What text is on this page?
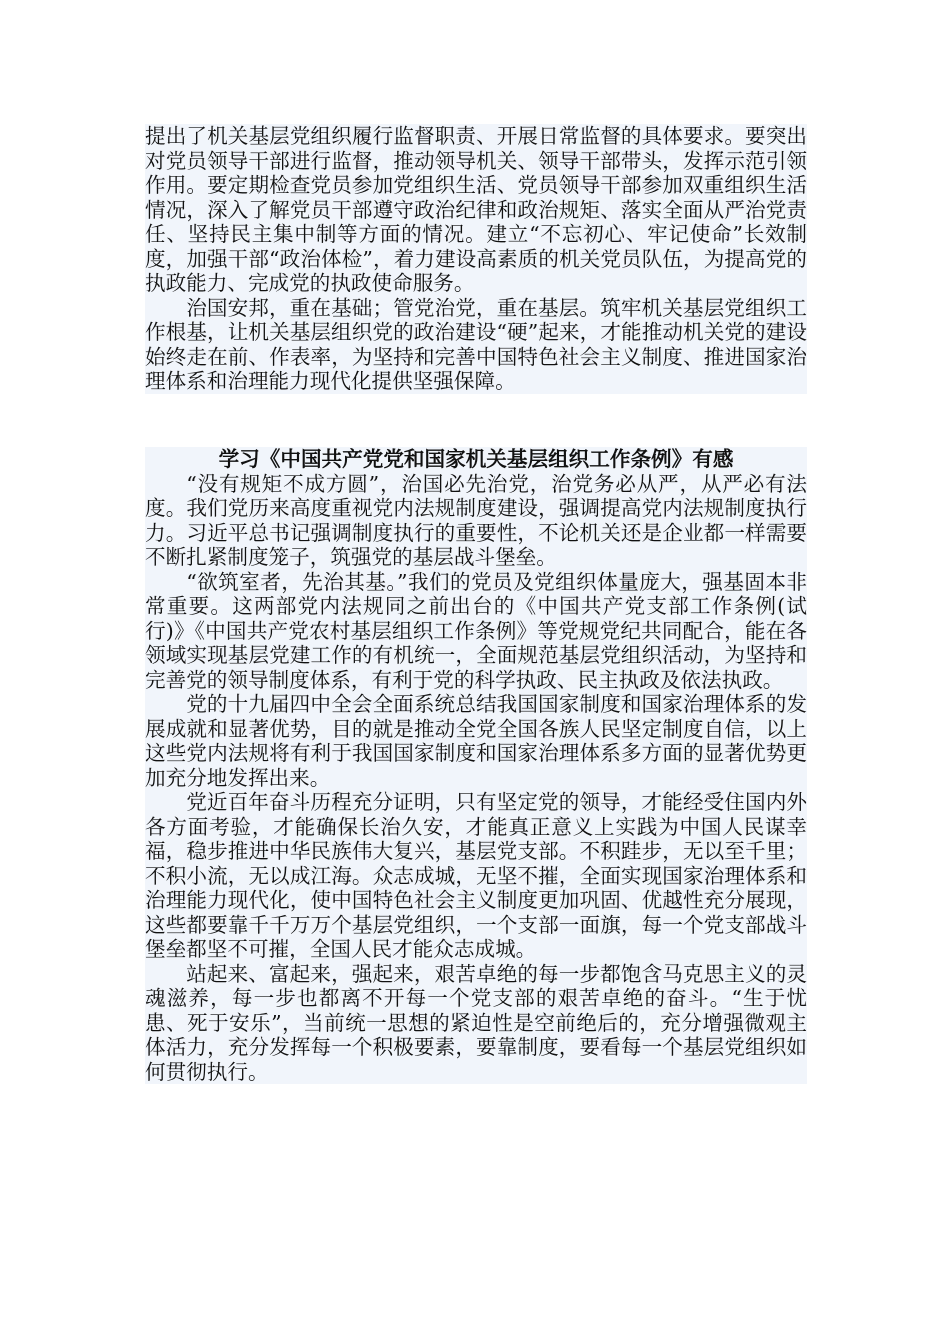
提出了机关基层党组织履行监督职责、开展日常监督的具体要求。要突出对党员领导干部进行监督，推动领导机关、领导干部带头，发挥示范引领作用。要定期检查党员参加党组织生活、党员领导干部参加双重组织生活情况，深入了解党员干部遵守政治纪律和政治规矩、落实全面从严治党责任、坚持民主集中制等方面的情况。建立“不忘初心、牢记使命”长效制度，加强干部“政治体检”，着力建设高素质的机关党员队伍，为提高党的执政能力、完成党的执政使命服务。

治国安邦，重在基础；管党治党，重在基层。筑牢机关基层党组织工作根基，让机关基层组织党的政治建设“硬”起来，才能推动机关党的建设始终走在前、作表率，为坚持和完善中国特色社会主义制度、推进国家治理体系和治理能力现代化提供坚强保障。

学习《中国共产党党和国家机关基层组织工作条例》有感

“没有规矩不成方圆”，治国必先治党，治党务必从严，从严必有法度。我们党历来高度重视党内法规制度建设，强调提高党内法规制度执行力。习近平总书记强调制度执行的重要性，不论机关还是企业都一样需要不断扎紧制度笼子，筑强党的基层战斗堡垒。

“欲筑室者，先治其基。”我们的党员及党组织体量庞大，强基固本非常重要。这两部党内法规同之前出台的《中国共产党支部工作条例(试行)》《中国共产党农村基层组织工作条例》等党规党纪共同配合，能在各领域实现基层党建工作的有机统一，全面规范基层党组织活动，为坚持和完善党的领导制度体系，有利于党的科学执政、民主执政及依法执政。

党的十九届四中全会全面系统总结我国国家制度和国家治理体系的发展成就和显著优势，目的就是推动全党全国各族人民坚定制度自信，以上这些党内法规将有利于我国国家制度和国家治理体系多方面的显著优势更加充分地发挥出来。

党近百年奋斗历程充分证明，只有坚定党的领导，才能经受住国内外各方面考验，才能确保长治久安，才能真正意义上实践为中国人民谋幸福，稳步推进中华民族伟大复兴，基层党支部。不积跬步，无以至千里；不积小流，无以成江海。众志成城，无坚不摧，全面实现国家治理体系和治理能力现代化，使中国特色社会主义制度更加巩固、优越性充分展现，这些都要靠千千万万个基层党组织，一个支部一面旗，每一个党支部战斗堡垒都坚不可摧，全国人民才能众志成城。

站起来、富起来，强起来，艰苦卓绝的每一步都饱含马克思主义的灵魂滋养，每一步也都离不开每一个党支部的艰苦卓绝的奋斗。“生于忧患、死于安乐”，当前统一思想的紧迫性是空前绝后的，充分增强微观主体活力，充分发挥每一个积极要素，要靠制度，要看每一个基层党组织如何贯彻执行。
